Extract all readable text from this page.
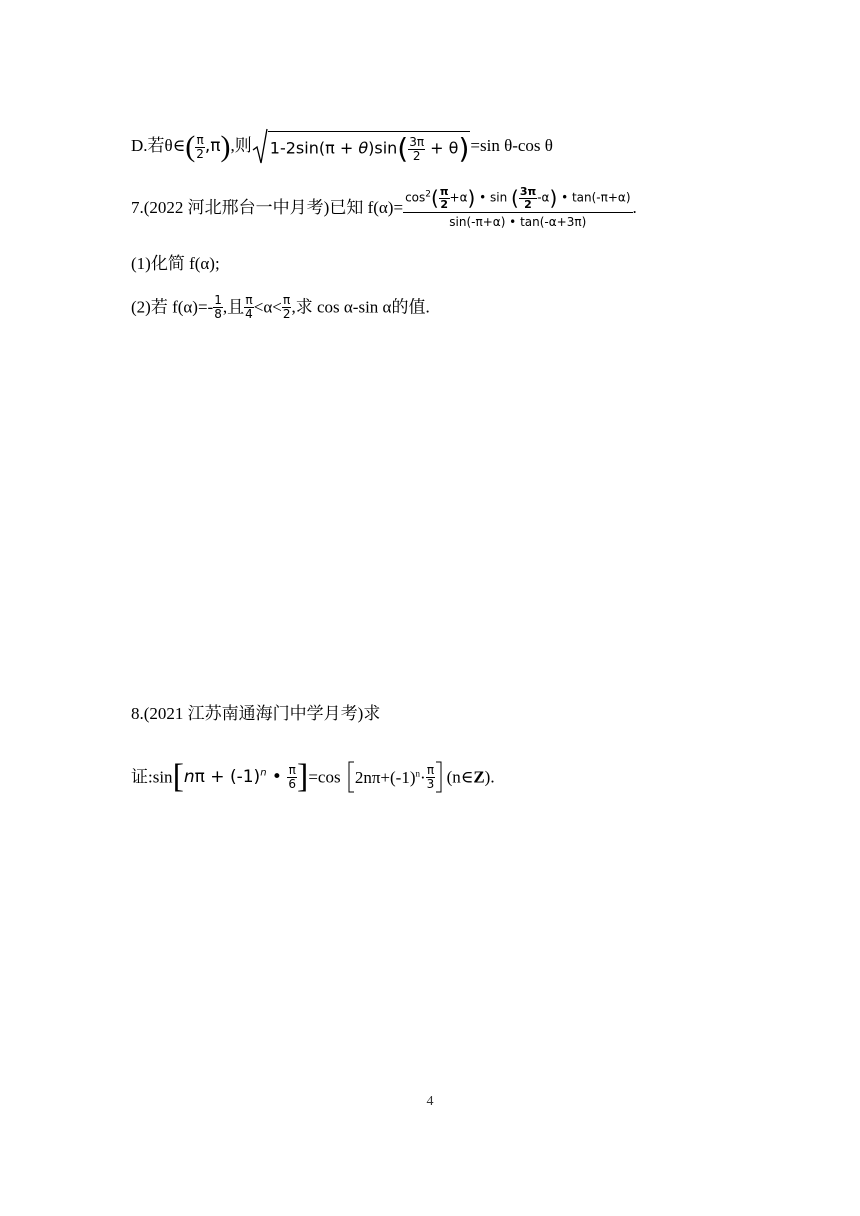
D.若θ∈( $\frac{\pi}{2} ,\pi$),则 $1-2\sin(\pi + \theta)\sin( \frac{3\pi}{2} + \theta)=\sin$ θ-cos θ
7.(2022 河北邢台一中月考)已知 $f(\alpha)= \frac{\cos^2( \frac{\pi}{2} +\alpha) • \sin ( \frac{3\pi}{2} -\alpha) • \tan(-\pi+\alpha)}{\sin(-\pi+\alpha) • \tan(-\alpha+3\pi)}$ .
(1)化简 f(α);
(2)若 $f(\alpha)=- \frac{1}{8}$ ,且 $\frac{\pi}{4} <\alpha< \frac{\pi}{2}$ ,求 cos α-sin α的值.
8.(2021 江苏南通海门中学月考)求
证:sin[nπ + $(-1)^n$ • $\frac{\pi}{6} ]=\cos$ $2n\pi+(-1)^n\cdot \frac{\pi}{3}$ (n∈Z).
4
